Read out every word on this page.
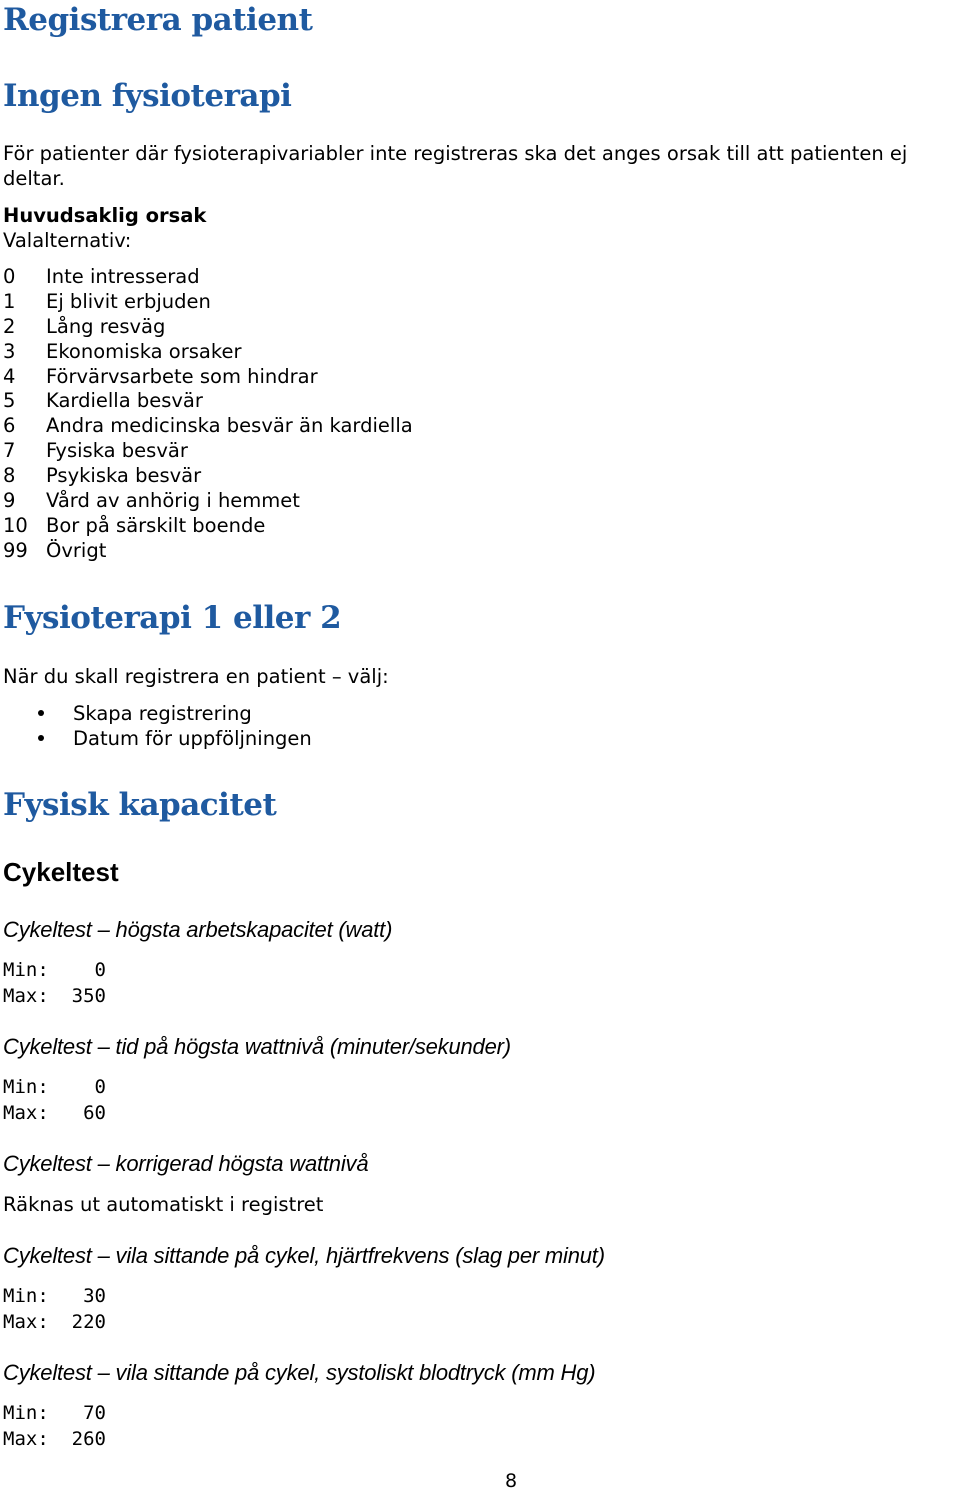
Registrera patient
Ingen fysioterapi
För patienter där fysioterapivariabler inte registreras ska det anges orsak till att patienten ej
deltar.
Huvudsaklig orsak
Valalternativ:
0	Inte intresserad
1	Ej blivit erbjuden
2	Lång resväg
3	Ekonomiska orsaker
4	Förvärvsarbete som hindrar
5	Kardiella besvär
6	Andra medicinska besvär än kardiella
7	Fysiska besvär
8	Psykiska besvär
9	Vård av anhörig i hemmet
10 Bor på särskilt boende
99 Övrigt
Fysioterapi 1 eller 2
När du skall registrera en patient – välj:
Skapa registrering
Datum för uppföljningen
Fysisk kapacitet
Cykeltest
Cykeltest – högsta arbetskapacitet (watt)
Min:	0
Max:	350
Cykeltest – tid på högsta wattnivå (minuter/sekunder)
Min:	0
Max:	60
Cykeltest – korrigerad högsta wattnivå
Räknas ut automatiskt i registret
Cykeltest – vila sittande på cykel, hjärtfrekvens (slag per minut)
Min:	30
Max:	220
Cykeltest – vila sittande på cykel, systoliskt blodtryck (mm Hg)
Min:	70
Max:	260
8
